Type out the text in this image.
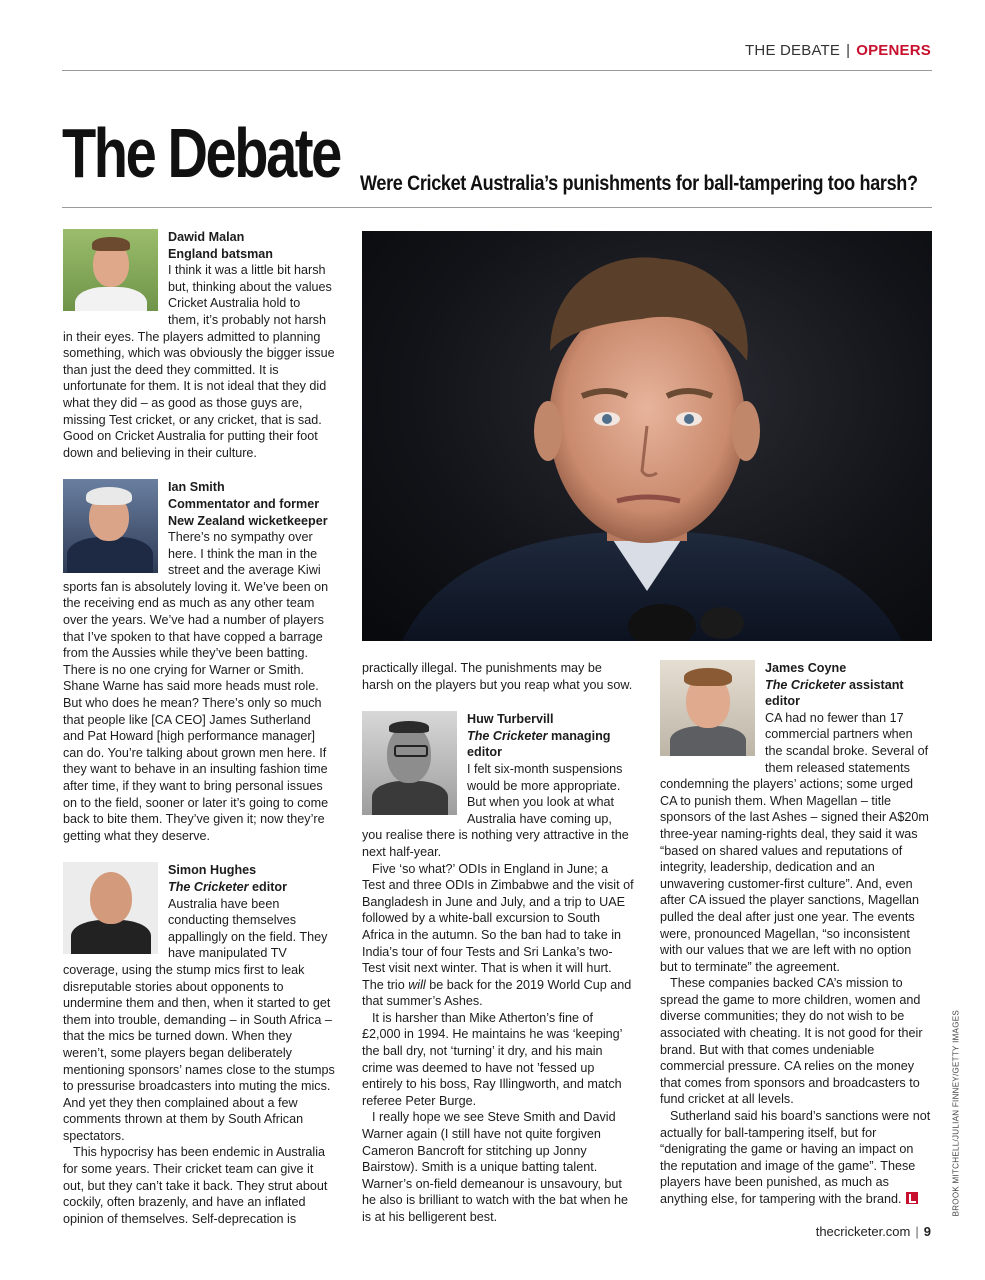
THE DEBATE | OPENERS
The Debate Were Cricket Australia’s punishments for ball-tampering too harsh?
Dawid Malan
England batsman

I think it was a little bit harsh but, thinking about the values Cricket Australia hold to them, it’s probably not harsh in their eyes. The players admitted to planning something, which was obviously the bigger issue than just the deed they committed. It is unfortunate for them. It is not ideal that they did what they did – as good as those guys are, missing Test cricket, or any cricket, that is sad. Good on Cricket Australia for putting their foot down and believing in their culture.

Ian Smith
Commentator and former
New Zealand wicketkeeper

There’s no sympathy over here. I think the man in the street and the average Kiwi sports fan is absolutely loving it. We’ve been on the receiving end as much as any other team over the years. We’ve had a number of players that I’ve spoken to that have copped a barrage from the Aussies while they’ve been batting. There is no one crying for Warner or Smith. Shane Warne has said more heads must role. But who does he mean? There’s only so much that people like [CA CEO] James Sutherland and Pat Howard [high performance manager] can do. You’re talking about grown men here. If they want to behave in an insulting fashion time after time, if they want to bring personal issues on to the field, sooner or later it’s going to come back to bite them. They’ve given it; now they’re getting what they deserve.

Simon Hughes
The Cricketer editor

Australia have been conducting themselves appallingly on the field. They have manipulated TV coverage, using the stump mics first to leak disreputable stories about opponents to undermine them and then, when it started to get them into trouble, demanding – in South Africa – that the mics be turned down. When they weren’t, some players began deliberately mentioning sponsors’ names close to the stumps to pressurise broadcasters into muting the mics. And yet they then complained about a few comments thrown at them by South African spectators.

This hypocrisy has been endemic in Australia for some years. Their cricket team can give it out, but they can’t take it back. They strut about cockily, often brazenly, and have an inflated opinion of themselves. Self-deprecation is

practically illegal. The punishments may be harsh on the players but you reap what you sow.

Huw Turbervill
The Cricketer managing editor

I felt six-month suspensions would be more appropriate. But when you look at what Australia have coming up, you realise there is nothing very attractive in the next half-year.

Five ‘so what?’ ODIs in England in June; a Test and three ODIs in Zimbabwe and the visit of Bangladesh in June and July, and a trip to UAE followed by a white-ball excursion to South Africa in the autumn. So the ban had to take in India’s tour of four Tests and Sri Lanka’s two-Test visit next winter. That is when it will hurt. The trio will be back for the 2019 World Cup and that summer’s Ashes.

It is harsher than Mike Atherton’s fine of £2,000 in 1994. He maintains he was ‘keeping’ the ball dry, not ‘turning’ it dry, and his main crime was deemed to have not ’fessed up entirely to his boss, Ray Illingworth, and match referee Peter Burge.

I really hope we see Steve Smith and David Warner again (I still have not quite forgiven Cameron Bancroft for stitching up Jonny Bairstow). Smith is a unique batting talent. Warner’s on-field demeanour is unsavoury, but he also is brilliant to watch with the bat when he is at his belligerent best.

James Coyne
The Cricketer assistant editor

CA had no fewer than 17 commercial partners when the scandal broke. Several of them released statements condemning the players’ actions; some urged CA to punish them. When Magellan – title sponsors of the last Ashes – signed their A$20m three-year naming-rights deal, they said it was “based on shared values and reputations of integrity, leadership, dedication and an unwavering customer-first culture”. And, even after CA issued the player sanctions, Magellan pulled the deal after just one year. The events were, pronounced Magellan, “so inconsistent with our values that we are left with no option but to terminate” the agreement.

These companies backed CA’s mission to spread the game to more children, women and diverse communities; they do not wish to be associated with cheating. It is not good for their brand. But with that comes undeniable commercial pressure. CA relies on the money that comes from sponsors and broadcasters to fund cricket at all levels.

Sutherland said his board’s sanctions were not actually for ball-tampering itself, but for “denigrating the game or having an impact on the reputation and image of the game”. These players have been punished, as much as anything else, for tampering with the brand.	BROOK MITCHELL/JULIAN FINNEY/GETTY IMAGES
thecricketer.com | 9
